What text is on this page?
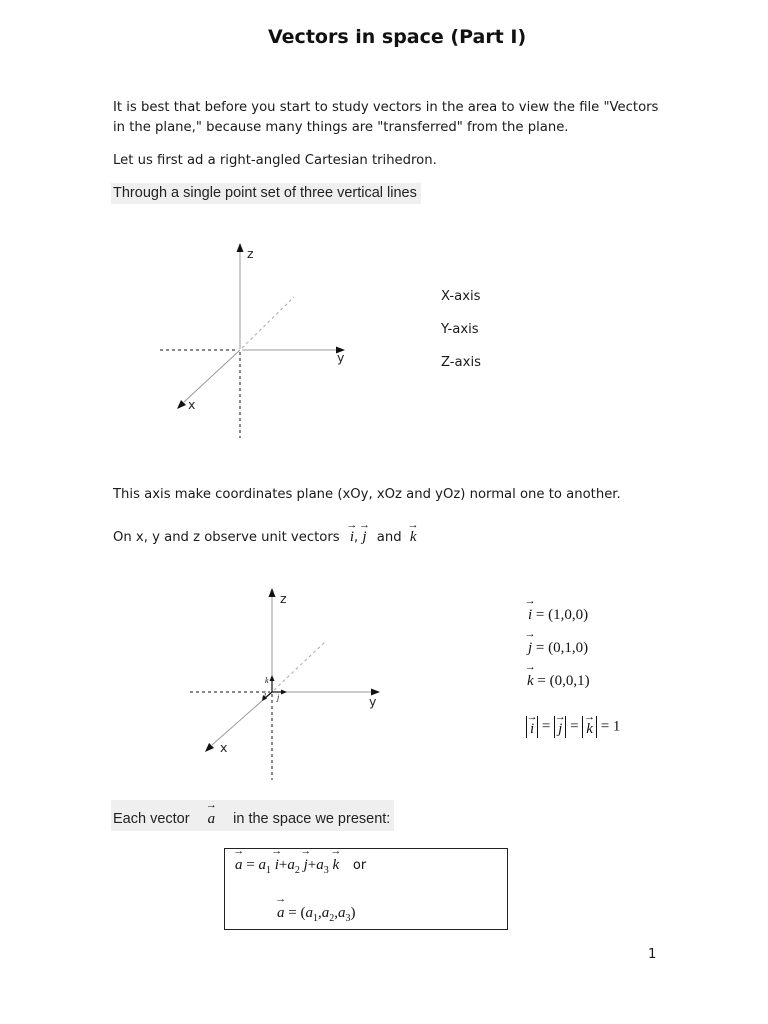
Vectors in space (Part I)
It is best that before you start to study vectors in the area to view the file "Vectors
in the plane," because many things are "transferred" from the plane.
Let us first ad a right-angled Cartesian trihedron.
Through a single point set of three vertical lines
z
y
x
X-axis
Y-axis
Z-axis
This axis make coordinates plane (xOy, xOz and yOz) normal one to another.
On x, y and z observe unit vectors → i, → j and → k
z
y
x
k
j
i
→ i = (1,0,0)
→ j = (0,1,0)
→ k = (0,0,1)
→ i = → j = → k = 1
Each vector → a in the space we present:
→ $a = a_1 \to i+a_2 \to j+a_3 \to k$ or
→ $a = (a_1,a_2,a_3)$
1
